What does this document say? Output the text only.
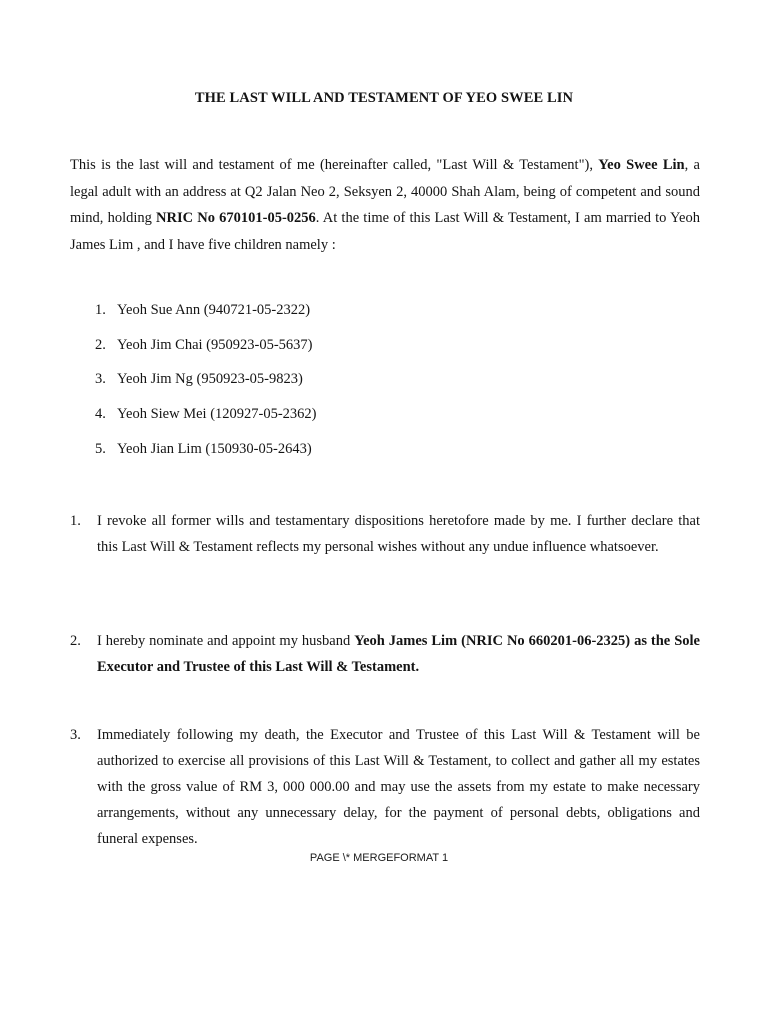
THE LAST WILL AND TESTAMENT OF YEO SWEE LIN
This is the last will and testament of me (hereinafter called, "Last Will & Testament"), Yeo Swee Lin, a legal adult with an address at Q2 Jalan Neo 2, Seksyen 2, 40000 Shah Alam, being of competent and sound mind, holding NRIC No 670101-05-0256. At the time of this Last Will & Testament, I am married to Yeoh James Lim , and I have five children namely :
1. Yeoh Sue Ann (940721-05-2322)
2. Yeoh Jim Chai (950923-05-5637)
3. Yeoh Jim Ng (950923-05-9823)
4. Yeoh Siew Mei (120927-05-2362)
5. Yeoh Jian Lim (150930-05-2643)
1. I revoke all former wills and testamentary dispositions heretofore made by me. I further declare that this Last Will & Testament reflects my personal wishes without any undue influence whatsoever.
2. I hereby nominate and appoint my husband Yeoh James Lim (NRIC No 660201-06-2325) as the Sole Executor and Trustee of this Last Will & Testament.
3. Immediately following my death, the Executor and Trustee of this Last Will & Testament will be authorized to exercise all provisions of this Last Will & Testament, to collect and gather all my estates with the gross value of RM 3, 000 000.00 and may use the assets from my estate to make necessary arrangements, without any unnecessary delay, for the payment of personal debts, obligations and funeral expenses.
PAGE \* MERGEFORMAT 1
